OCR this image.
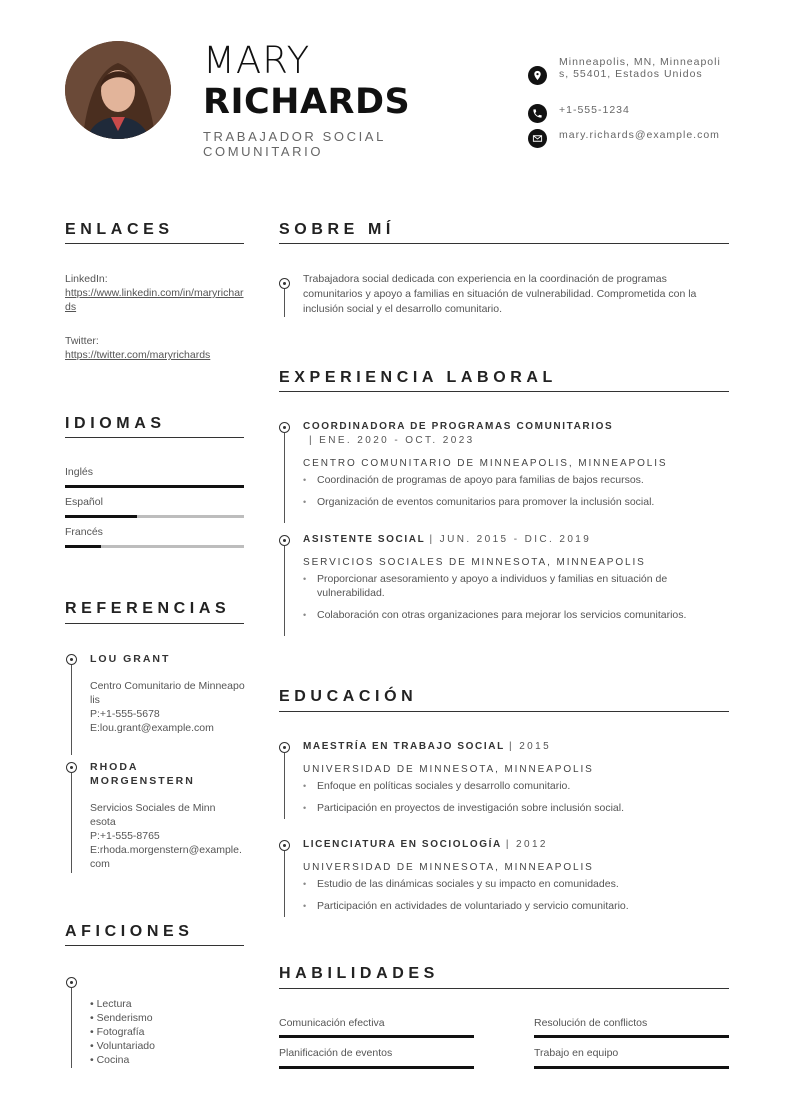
MARY
RICHARDS
TRABAJADOR SOCIAL COMUNITARIO
Minneapolis, MN, Minneapolis, 55401, Estados Unidos
+1-555-1234
mary.richards@example.com
ENLACES
LinkedIn:
https://www.linkedin.com/in/maryrichards
Twitter:
https://twitter.com/maryrichards
IDIOMAS
Inglés
Español
Francés
REFERENCIAS
LOU GRANT
Centro Comunitario de Minneapolis
P:+1-555-5678
E:lou.grant@example.com
RHODA MORGENSTERN
Servicios Sociales de Minnesota
P:+1-555-8765
E:rhoda.morgenstern@example.com
AFICIONES
• Lectura
• Senderismo
• Fotografía
• Voluntariado
• Cocina
SOBRE MÍ
Trabajadora social dedicada con experiencia en la coordinación de programas comunitarios y apoyo a familias en situación de vulnerabilidad. Comprometida con la inclusión social y el desarrollo comunitario.
EXPERIENCIA LABORAL
COORDINADORA DE PROGRAMAS COMUNITARIOS
| ENE. 2020 - OCT. 2023
CENTRO COMUNITARIO DE MINNEAPOLIS, MINNEAPOLIS
• Coordinación de programas de apoyo para familias de bajos recursos.
• Organización de eventos comunitarios para promover la inclusión social.
ASISTENTE SOCIAL | JUN. 2015 - DIC. 2019
SERVICIOS SOCIALES DE MINNESOTA, MINNEAPOLIS
• Proporcionar asesoramiento y apoyo a individuos y familias en situación de vulnerabilidad.
• Colaboración con otras organizaciones para mejorar los servicios comunitarios.
EDUCACIÓN
MAESTRÍA EN TRABAJO SOCIAL | 2015
UNIVERSIDAD DE MINNESOTA, MINNEAPOLIS
• Enfoque en políticas sociales y desarrollo comunitario.
• Participación en proyectos de investigación sobre inclusión social.
LICENCIATURA EN SOCIOLOGÍA | 2012
UNIVERSIDAD DE MINNESOTA, MINNEAPOLIS
• Estudio de las dinámicas sociales y su impacto en comunidades.
• Participación en actividades de voluntariado y servicio comunitario.
HABILIDADES
Comunicación efectiva	Resolución de conflictos
Planificación de eventos	Trabajo en equipo
